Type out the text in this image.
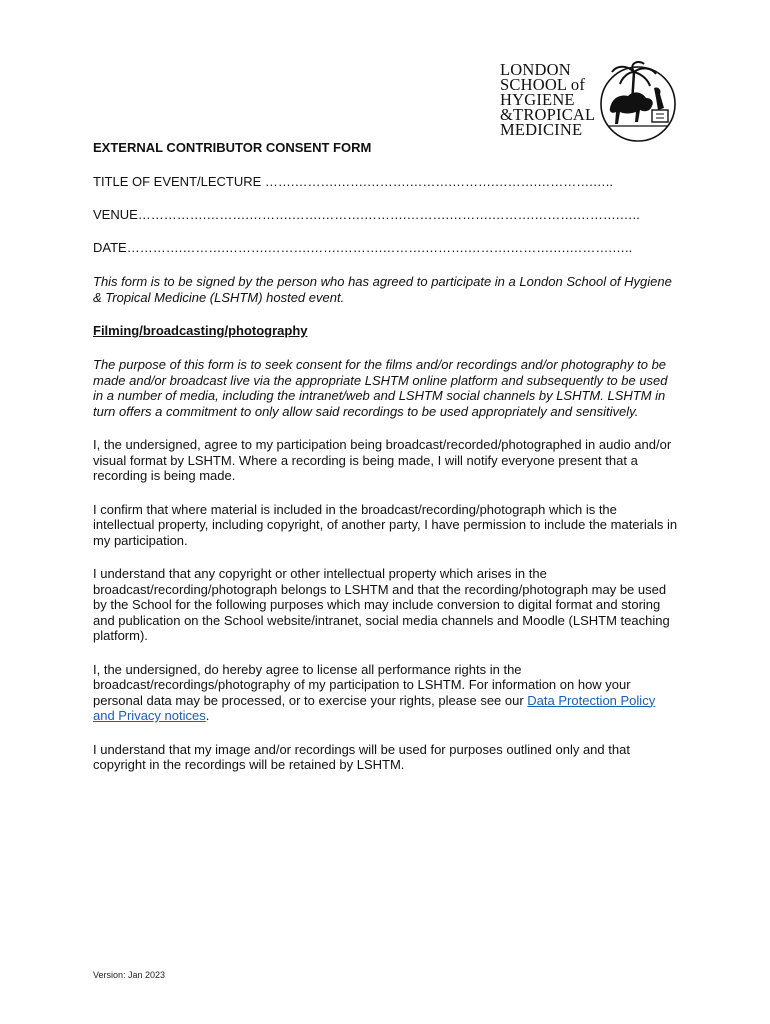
LONDON
SCHOOL of
HYGIENE
&TROPICAL
MEDICINE

EXTERNAL CONTRIBUTOR CONSENT FORM

TITLE OF EVENT/LECTURE …….……….…….……….……….……….……….………….…..
VENUE…………….……….……….…….……….……….……….……….……….……….……….…..
DATE………….……….……….……….…….……….……….……….……….……….….……….…..
This form is to be signed by the person who has agreed to participate in a London School of Hygiene & Tropical Medicine (LSHTM) hosted event.
Filming/broadcasting/photography
The purpose of this form is to seek consent for the films and/or recordings and/or photography to be made and/or broadcast live via the appropriate LSHTM online platform and subsequently to be used in a number of media, including the intranet/web and LSHTM social channels by LSHTM. LSHTM in turn offers a commitment to only allow said recordings to be used appropriately and sensitively.
I, the undersigned, agree to my participation being broadcast/recorded/photographed in audio and/or visual format by LSHTM. Where a recording is being made, I will notify everyone present that a recording is being made.
I confirm that where material is included in the broadcast/recording/photograph which is the intellectual property, including copyright, of another party, I have permission to include the materials in my participation.
I understand that any copyright or other intellectual property which arises in the broadcast/recording/photograph belongs to LSHTM and that the recording/photograph may be used by the School for the following purposes which may include conversion to digital format and storing and publication on the School website/intranet, social media channels and Moodle (LSHTM teaching platform).
I, the undersigned, do hereby agree to license all performance rights in the broadcast/recordings/photography of my participation to LSHTM. For information on how your personal data may be processed, or to exercise your rights, please see our Data Protection Policy and Privacy notices.
I understand that my image and/or recordings will be used for purposes outlined only and that copyright in the recordings will be retained by LSHTM.
Version: Jan 2023
